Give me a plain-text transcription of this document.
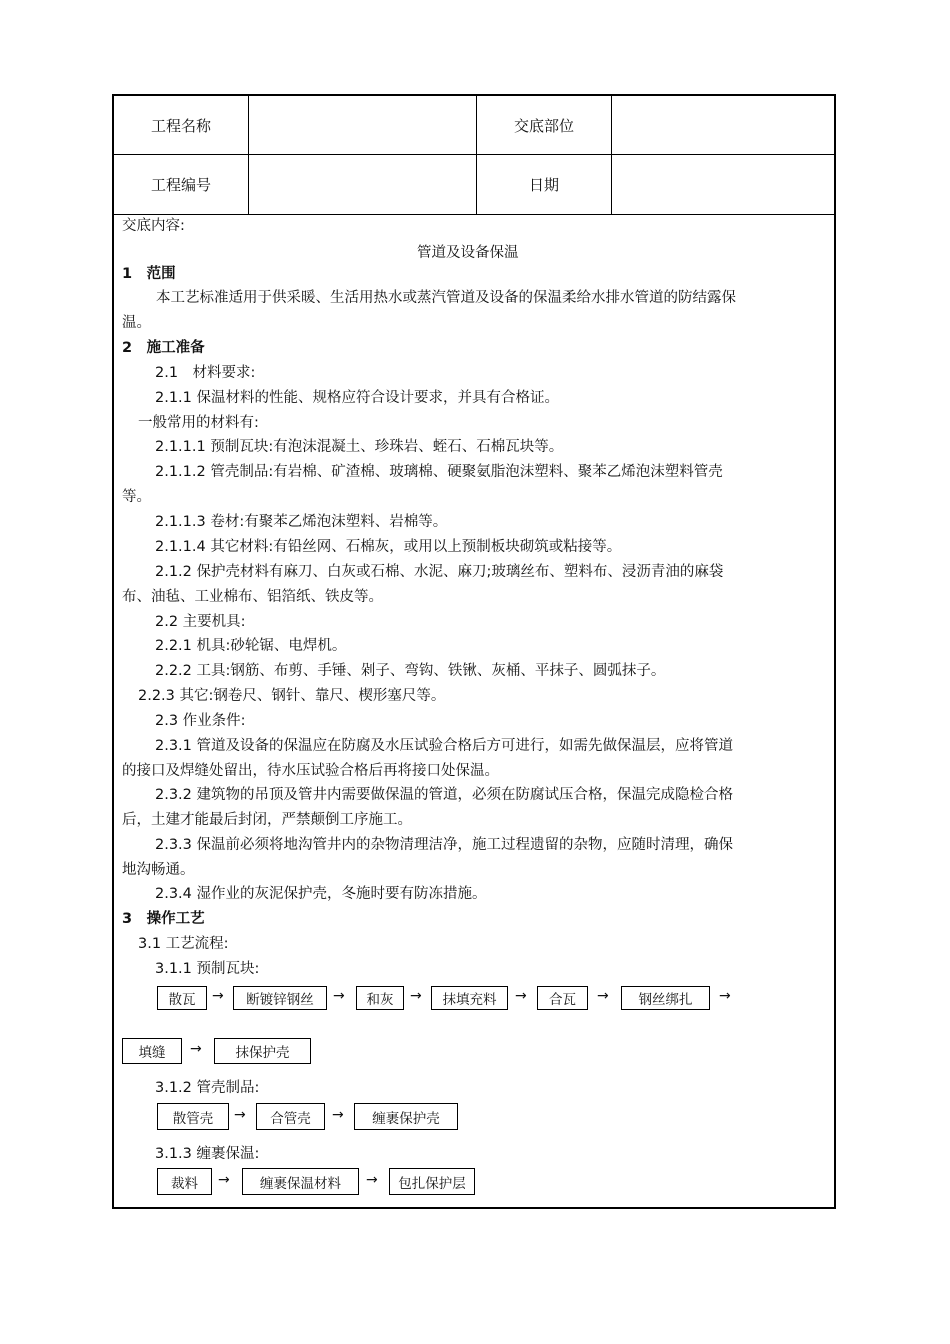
工程名称	交底部位
工程编号	日期
交底内容:
管道及设备保温
1　范围
本工艺标准适用于供采暖、生活用热水或蒸汽管道及设备的保温柔给水排水管道的防结露保
温。
2　施工准备
2.1　材料要求:
2.1.1 保温材料的性能、规格应符合设计要求，并具有合格证。
一般常用的材料有:
2.1.1.1 预制瓦块:有泡沫混凝土、珍珠岩、蛭石、石棉瓦块等。
2.1.1.2 管壳制品:有岩棉、矿渣棉、玻璃棉、硬聚氨脂泡沫塑料、聚苯乙烯泡沫塑料管壳
等。
2.1.1.3 卷材:有聚苯乙烯泡沫塑料、岩棉等。
2.1.1.4 其它材料:有铅丝网、石棉灰，或用以上预制板块砌筑或粘接等。
2.1.2 保护壳材料有麻刀、白灰或石棉、水泥、麻刀;玻璃丝布、塑料布、浸沥青油的麻袋
布、油毡、工业棉布、铝箔纸、铁皮等。
2.2 主要机具:
2.2.1 机具:砂轮锯、电焊机。
2.2.2 工具:钢筋、布剪、手锤、剁子、弯钩、铁锹、灰桶、平抹子、圆弧抹子。
2.2.3 其它:钢卷尺、钢针、靠尺、楔形塞尺等。
2.3 作业条件:
2.3.1 管道及设备的保温应在防腐及水压试验合格后方可进行，如需先做保温层，应将管道
的接口及焊缝处留出，待水压试验合格后再将接口处保温。
2.3.2 建筑物的吊顶及管井内需要做保温的管道，必须在防腐试压合格，保温完成隐检合格
后，土建才能最后封闭，严禁颠倒工序施工。
2.3.3 保温前必须将地沟管井内的杂物清理洁净，施工过程遗留的杂物，应随时清理，确保
地沟畅通。
2.3.4 湿作业的灰泥保护壳，冬施时要有防冻措施。
3　操作工艺
3.1 工艺流程:
3.1.1 预制瓦块:
散瓦	→	断镀锌钢丝	→	和灰	→	抹填充料	→	合瓦	→	钢丝绑扎	→
填缝	→	抹保护壳
3.1.2 管壳制品:
散管壳	→	合管壳	→	缠裹保护壳
3.1.3 缠裹保温:
裁料	→	缠裹保温材料	→	包扎保护层
